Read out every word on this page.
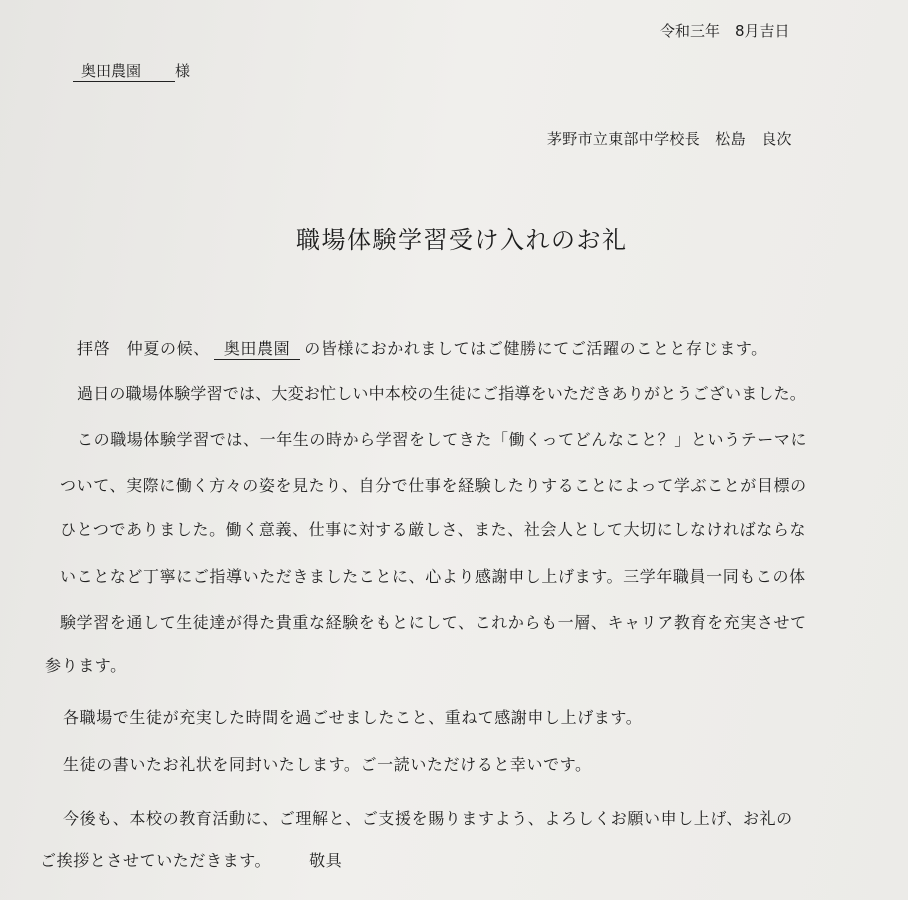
令和三年　8月吉日
奥田農園 様
茅野市立東部中学校長　松島　良次
職場体験学習受け入れのお礼
拝啓　仲夏の候、 奥田農園 の皆様におかれましてはご健勝にてご活躍のことと存じます。
過日の職場体験学習では、大変お忙しい中本校の生徒にご指導をいただきありがとうございました。
この職場体験学習では、一年生の時から学習をしてきた「働くってどんなこと？」というテーマに
ついて、実際に働く方々の姿を見たり、自分で仕事を経験したりすることによって学ぶことが目標の
ひとつでありました。働く意義、仕事に対する厳しさ、また、社会人として大切にしなければならな
いことなど丁寧にご指導いただきましたことに、心より感謝申し上げます。三学年職員一同もこの体
験学習を通して生徒達が得た貴重な経験をもとにして、これからも一層、キャリア教育を充実させて
参ります。
各職場で生徒が充実した時間を過ごせましたこと、重ねて感謝申し上げます。
生徒の書いたお礼状を同封いたします。ご一読いただけると幸いです。
今後も、本校の教育活動に、ご理解と、ご支援を賜りますよう、よろしくお願い申し上げ、お礼の
ご挨拶とさせていただきます。 敬具
